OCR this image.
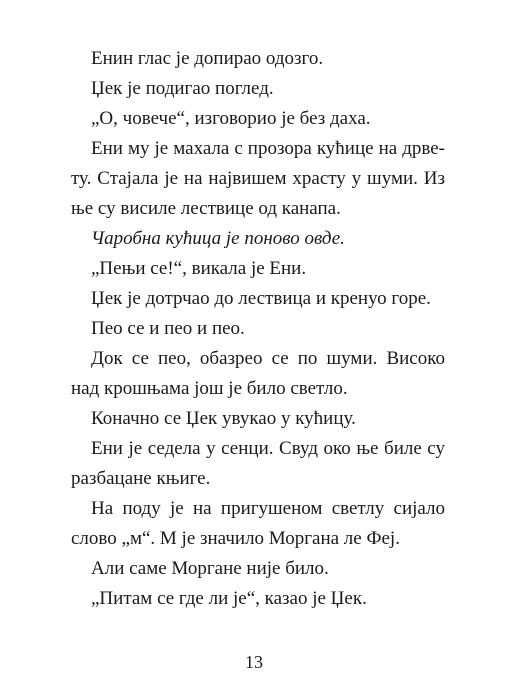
Енин глас је допирао одозго.
Џек је подигао поглед.
„О, човече“, изговорио је без даха.
Ени му је махала с прозора кућице на дрве-
ту. Стајала је на највишем храсту у шуми. Из
ње су висиле лествице од канапа.
Чаробна кућица је поново овде.
„Пењи се!“, викала је Ени.
Џек је дотрчао до лествица и кренуо горе.
Пео се и пео и пео.
Док се пео, обазрео се по шуми. Високо
над крошњама још је било светло.
Коначно се Џек увукао у кућицу.
Ени је седела у сенци. Свуд око ње биле су
разбацане књиге.
На поду је на пригушеном светлу сијало
слово „м“. М је значило Моргана ле Феј.
Али саме Моргане није било.
„Питам се где ли је“, казао је Џек.
13
